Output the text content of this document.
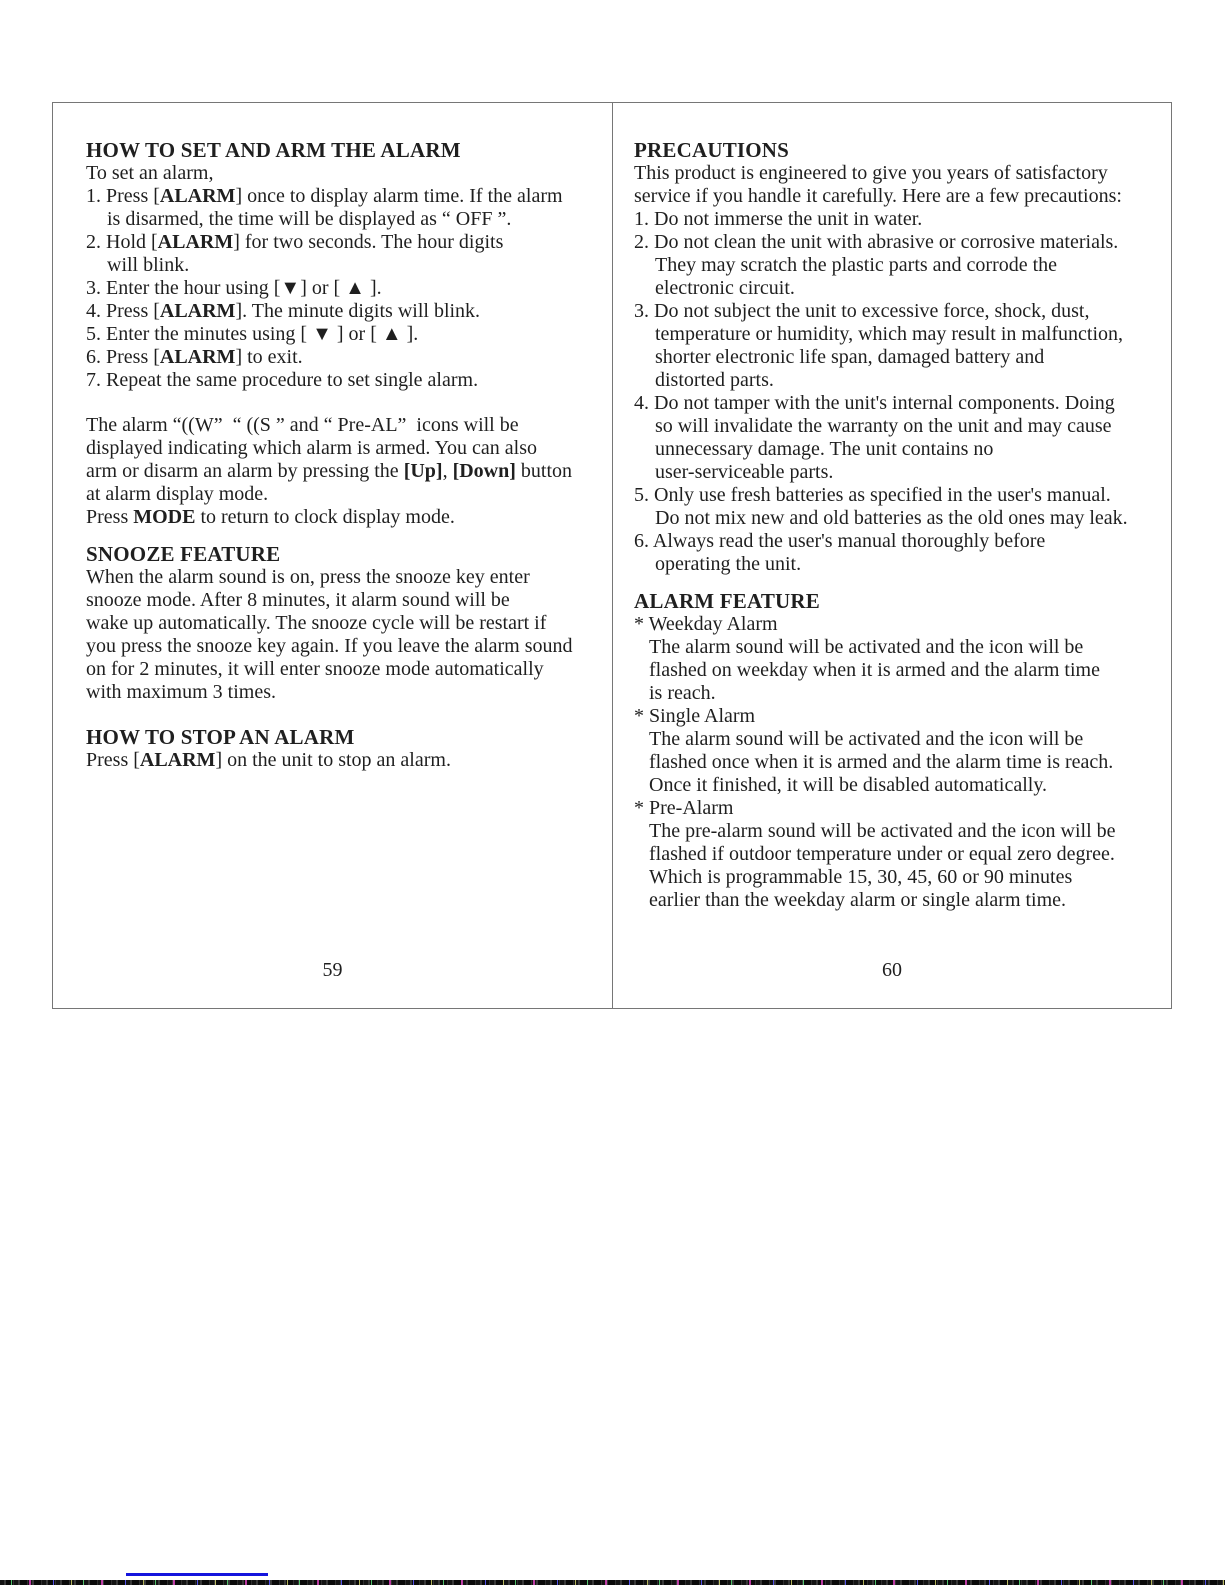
HOW TO SET AND ARM THE ALARM
To set an alarm,
1. Press [ALARM] once to display alarm time. If the alarm
is disarmed, the time will be displayed as “ OFF ”.
2. Hold [ALARM] for two seconds. The hour digits
will blink.
3. Enter the hour using [▼] or [ ▲ ].
4. Press [ALARM]. The minute digits will blink.
5. Enter the minutes using [ ▼ ] or [ ▲ ].
6. Press [ALARM] to exit.
7. Repeat the same procedure to set single alarm.
The alarm “((W”  “ ((S ” and “ Pre-AL”  icons will be
displayed indicating which alarm is armed. You can also
arm or disarm an alarm by pressing the [Up], [Down] button
at alarm display mode.
Press MODE to return to clock display mode.
SNOOZE FEATURE
When the alarm sound is on, press the snooze key enter
snooze mode. After 8 minutes, it alarm sound will be
wake up automatically. The snooze cycle will be restart if
you press the snooze key again. If you leave the alarm sound
on for 2 minutes, it will enter snooze mode automatically
with maximum 3 times.
HOW TO STOP AN ALARM
Press [ALARM] on the unit to stop an alarm.
59
PRECAUTIONS
This product is engineered to give you years of satisfactory
service if you handle it carefully. Here are a few precautions:
1. Do not immerse the unit in water.
2. Do not clean the unit with abrasive or corrosive materials.
They may scratch the plastic parts and corrode the
electronic circuit.
3. Do not subject the unit to excessive force, shock, dust,
temperature or humidity, which may result in malfunction,
shorter electronic life span, damaged battery and
distorted parts.
4. Do not tamper with the unit's internal components. Doing
so will invalidate the warranty on the unit and may cause
unnecessary damage. The unit contains no
user-serviceable parts.
5. Only use fresh batteries as specified in the user's manual.
Do not mix new and old batteries as the old ones may leak.
6. Always read the user's manual thoroughly before
operating the unit.
ALARM FEATURE
* Weekday Alarm
The alarm sound will be activated and the icon will be
flashed on weekday when it is armed and the alarm time
is reach.
* Single Alarm
The alarm sound will be activated and the icon will be
flashed once when it is armed and the alarm time is reach.
Once it finished, it will be disabled automatically.
* Pre-Alarm
The pre-alarm sound will be activated and the icon will be
flashed if outdoor temperature under or equal zero degree.
Which is programmable 15, 30, 45, 60 or 90 minutes
earlier than the weekday alarm or single alarm time.
60
